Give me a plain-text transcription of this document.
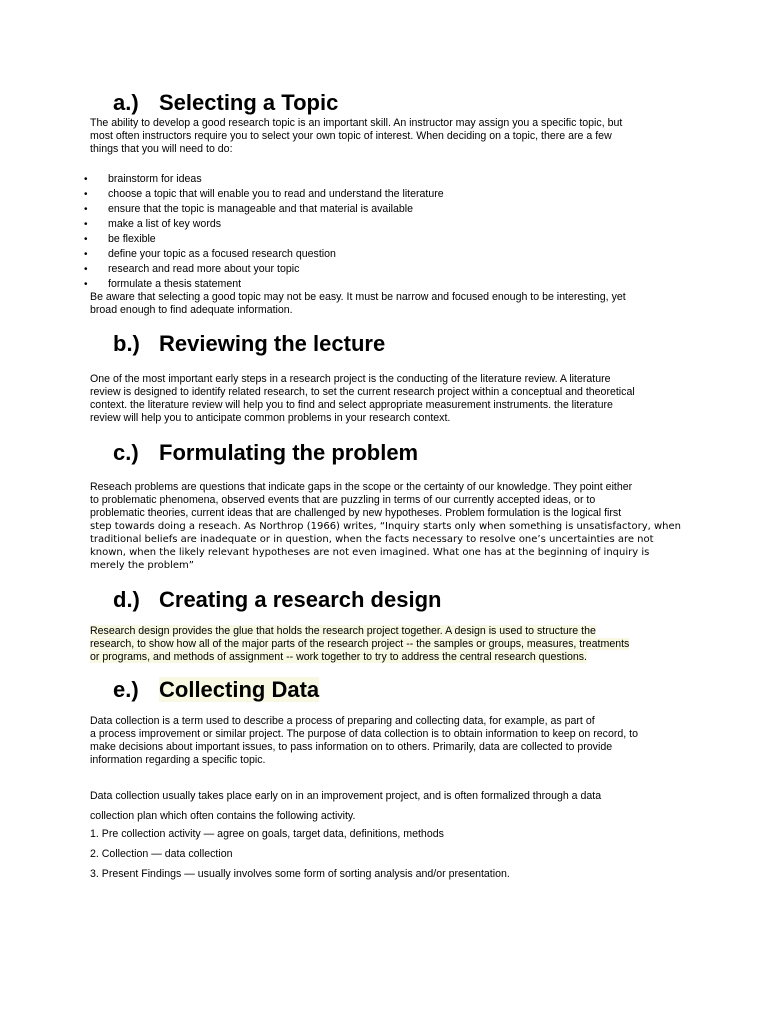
a.) Selecting a Topic

The ability to develop a good research topic is an important skill. An instructor may assign you a specific topic, but
most often instructors require you to select your own topic of interest. When deciding on a topic, there are a few
things that you will need to do:

• brainstorm for ideas
• choose a topic that will enable you to read and understand the literature
• ensure that the topic is manageable and that material is available
• make a list of key words
• be flexible
• define your topic as a focused research question
• research and read more about your topic
• formulate a thesis statement

Be aware that selecting a good topic may not be easy. It must be narrow and focused enough to be interesting, yet
broad enough to find adequate information.

b.) Reviewing the lecture

One of the most important early steps in a research project is the conducting of the literature review. A literature
review is designed to identify related research, to set the current research project within a conceptual and theoretical
context. the literature review will help you to find and select appropriate measurement instruments. the literature
review will help you to anticipate common problems in your research context.

c.) Formulating the problem

Reseach problems are questions that indicate gaps in the scope or the certainty of our knowledge. They point either
to problematic phenomena, observed events that are puzzling in terms of our currently accepted ideas, or to
problematic theories, current ideas that are challenged by new hypotheses. Problem formulation is the logical first

step towards doing a reseach. As Northrop (1966) writes, “Inquiry starts only when something is unsatisfactory, when
traditional beliefs are inadequate or in question, when the facts necessary to resolve one’s uncertainties are not
known, when the likely relevant hypotheses are not even imagined. What one has at the beginning of inquiry is
merely the problem”

d.) Creating a research design

Research design provides the glue that holds the research project together. A design is used to structure the
research, to show how all of the major parts of the research project -- the samples or groups, measures, treatments
or programs, and methods of assignment -- work together to try to address the central research questions.

e.) Collecting Data

Data collection is a term used to describe a process of preparing and collecting data, for example, as part of
a process improvement or similar project. The purpose of data collection is to obtain information to keep on record, to
make decisions about important issues, to pass information on to others. Primarily, data are collected to provide
information regarding a specific topic.

Data collection usually takes place early on in an improvement project, and is often formalized through a data
collection plan which often contains the following activity.

1. Pre collection activity — agree on goals, target data, definitions, methods

2. Collection — data collection

3. Present Findings — usually involves some form of sorting analysis and/or presentation.
